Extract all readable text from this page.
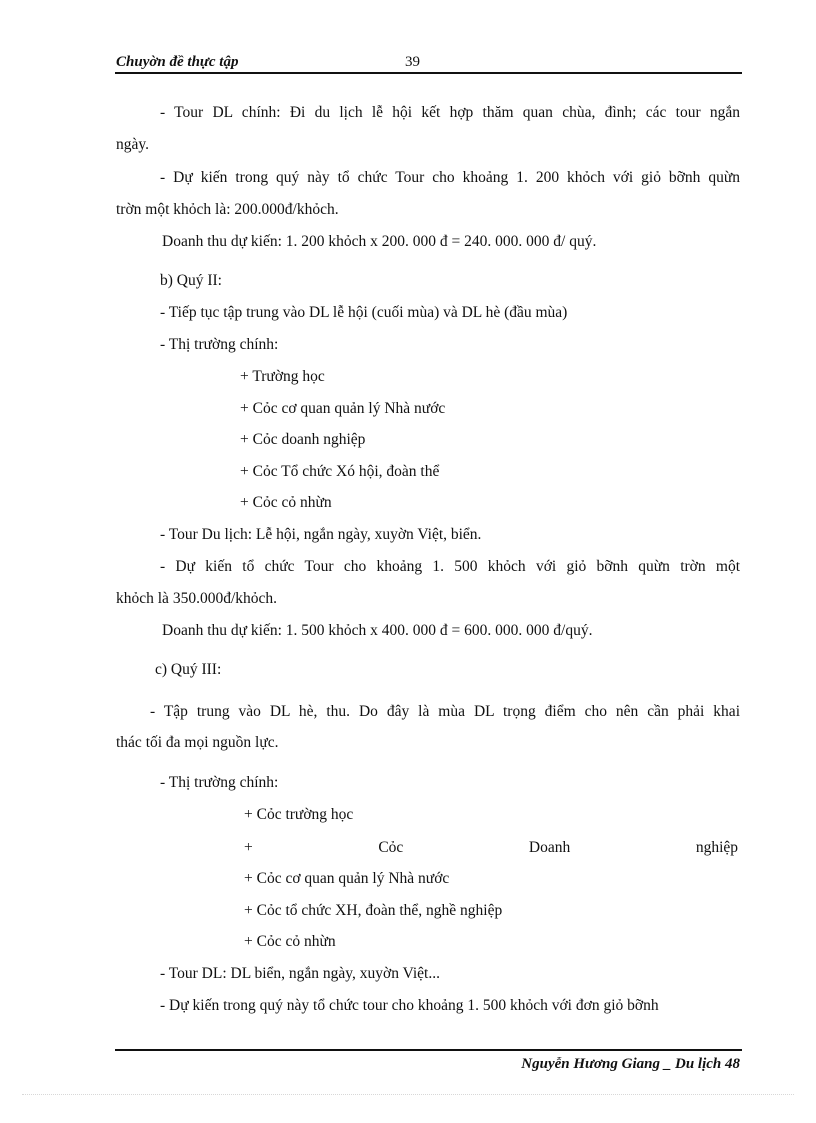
Chuyờn đề thực tập	39
- Tour DL chính: Đi du lịch lễ hội kết hợp thăm quan chùa, đình; các tour ngắn
ngày.
- Dự kiến trong quý này tổ chức Tour cho khoảng 1. 200 khỏch với giỏ bỡnh quừn
trờn một khỏch là: 200.000đ/khỏch.
Doanh thu dự kiến: 1. 200 khỏch x 200. 000 đ = 240. 000. 000 đ/ quý.
b) Quý II:
- Tiếp tục tập trung vào DL lễ hội (cuối mùa) và DL hè (đầu mùa)
- Thị trường chính:
+ Trường học
+ Cỏc cơ quan quản lý Nhà nước
+ Cỏc doanh nghiệp
+ Cỏc Tổ chức Xó hội, đoàn thể
+ Cỏc cỏ nhừn
- Tour Du lịch: Lễ hội, ngắn ngày, xuyờn Việt, biển.
- Dự kiến tổ chức Tour cho khoảng 1. 500 khỏch với giỏ bỡnh quừn trờn một
khỏch là 350.000đ/khỏch.
Doanh thu dự kiến: 1. 500 khỏch x 400. 000 đ = 600. 000. 000 đ/quý.
c) Quý III:
- Tập trung vào DL hè, thu. Do đây là mùa DL trọng điểm cho nên cần phải khai
thác tối đa mọi nguồn lực.
- Thị trường chính:
+ Cỏc trường học
+ Cỏc Doanh nghiệp
+ Cỏc cơ quan quản lý Nhà nước
+ Cỏc tổ chức XH, đoàn thể, nghề nghiệp
+ Cỏc cỏ nhừn
- Tour DL: DL biển, ngắn ngày, xuyờn Việt...
- Dự kiến trong quý này tổ chức tour cho khoảng 1. 500 khỏch với đơn giỏ bỡnh
Nguyễn Hương Giang _ Du lịch 48
